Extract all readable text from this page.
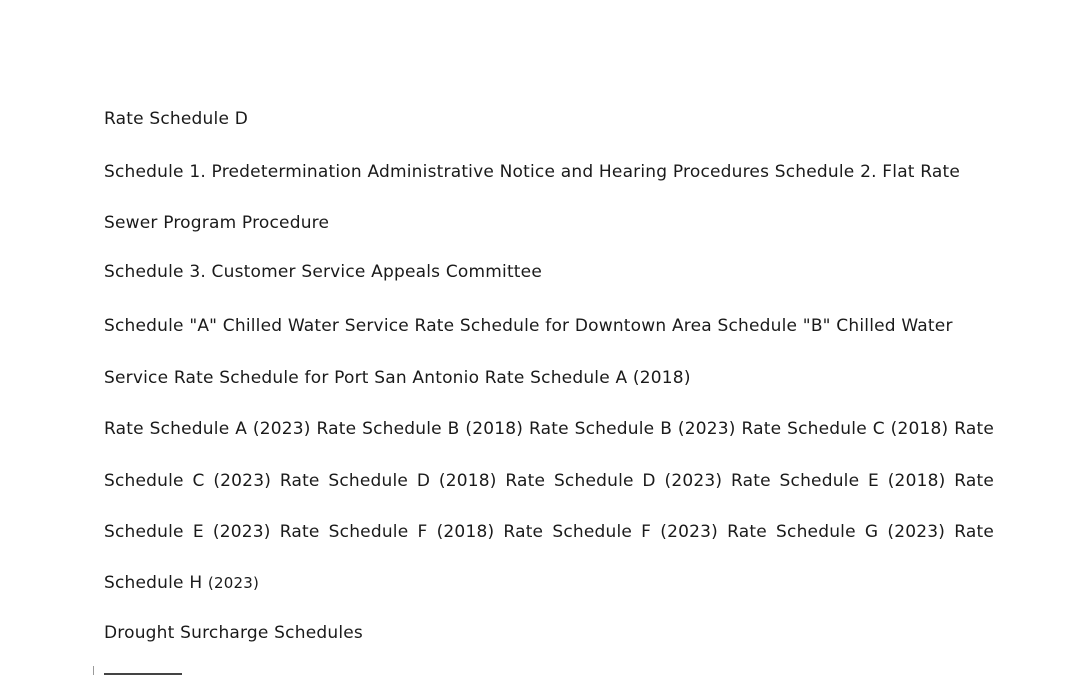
Rate Schedule D
Schedule 1. Predetermination Administrative Notice and Hearing Procedures Schedule 2. Flat Rate
Sewer Program Procedure
Schedule 3. Customer Service Appeals Committee
Schedule "A" Chilled Water Service Rate Schedule for Downtown Area Schedule "B" Chilled Water
Service Rate Schedule for Port San Antonio Rate Schedule A (2018)
Rate Schedule A (2023) Rate Schedule B (2018) Rate Schedule B (2023) Rate Schedule C (2018) Rate
Schedule C (2023) Rate Schedule D (2018) Rate Schedule D (2023) Rate Schedule E (2018) Rate
Schedule E (2023) Rate Schedule F (2018) Rate Schedule F (2023) Rate Schedule G (2023) Rate
Schedule H (2023)
Drought Surcharge Schedules
